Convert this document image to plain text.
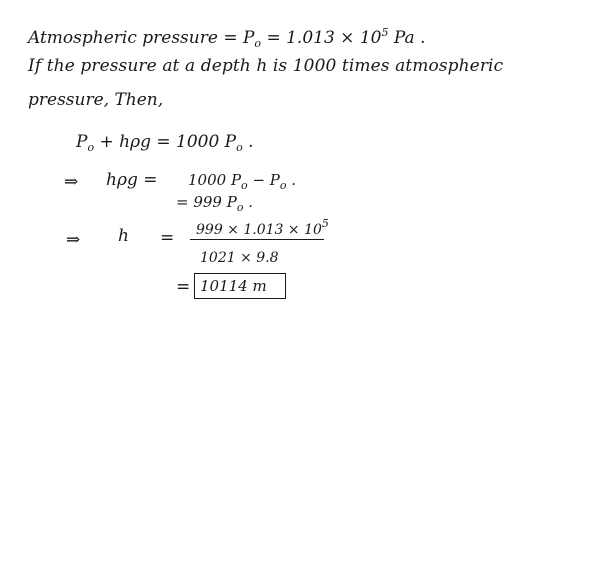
Atmospheric pressure = $P_o = 1.013 \times 10^5$ Pa .
If the pressure at a depth h is 1000 times atmospheric
pressure, Then,
$P_o + h\rho g = 1000$ $P_o$ .
⇒ hρg = 1000 $P_o - P_o$ .
= 999 $P_o$ .
⇒ $h = 999 \times 1.013 \times 10^5$
1021 × 9.8
= 10114 m
